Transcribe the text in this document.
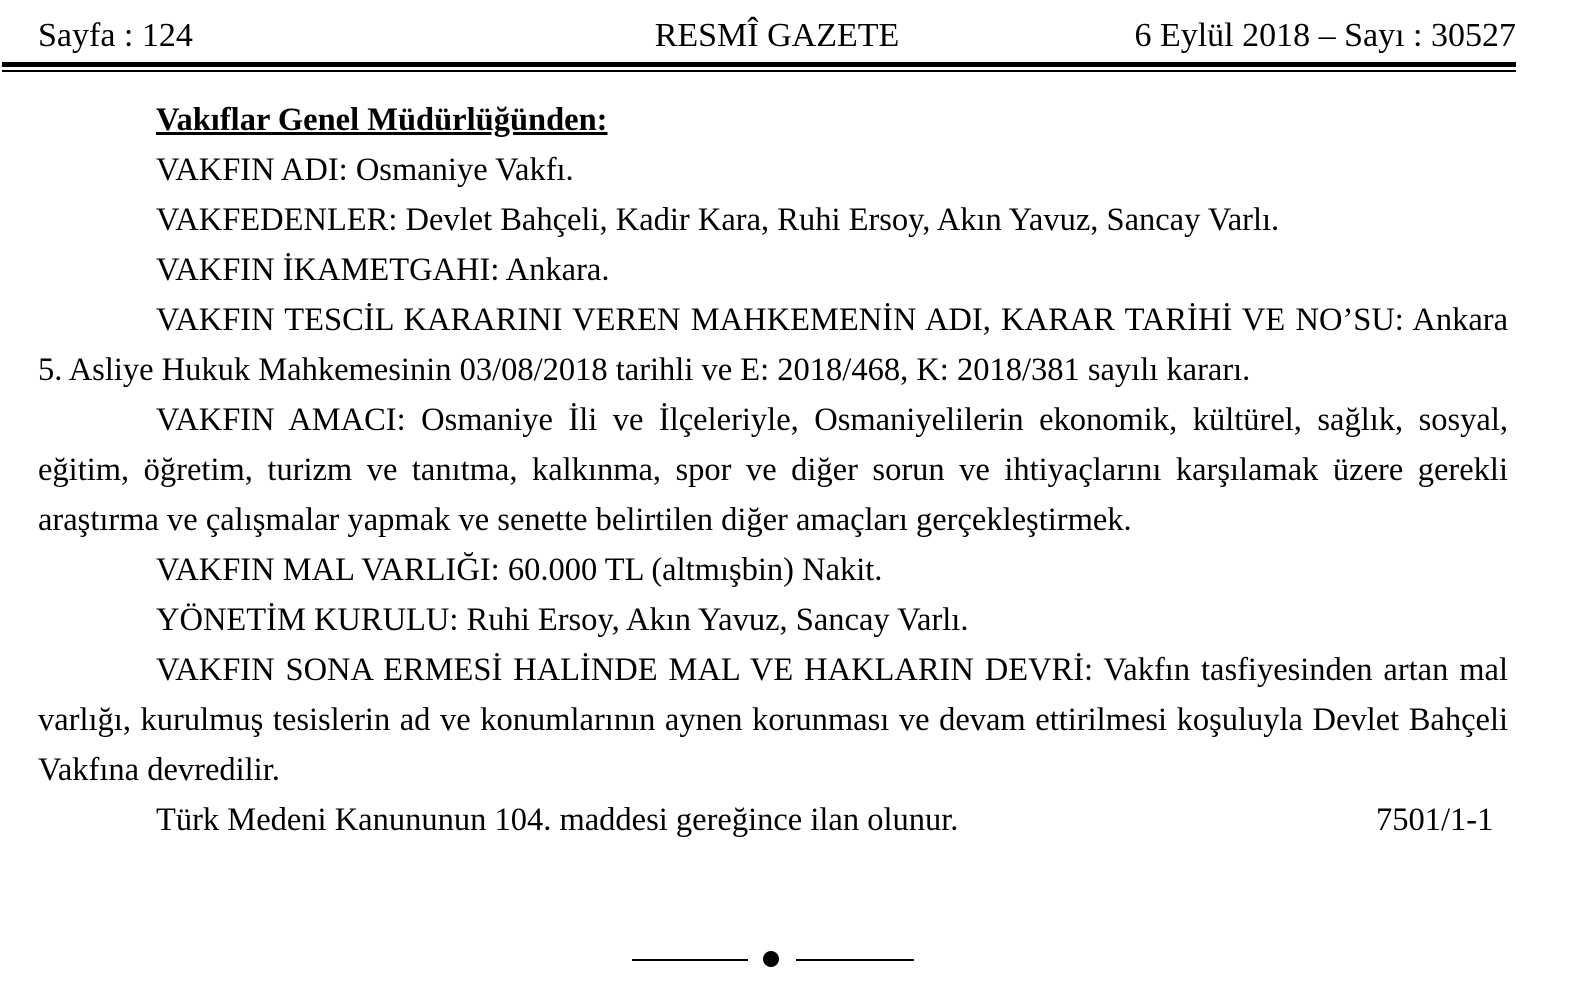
Sayfa : 124	RESMÎ GAZETE	6 Eylül 2018 – Sayı : 30527

Vakıflar Genel Müdürlüğünden:

VAKFIN ADI: Osmaniye Vakfı.

VAKFEDENLER: Devlet Bahçeli, Kadir Kara, Ruhi Ersoy, Akın Yavuz, Sancay Varlı.

VAKFIN İKAMETGAHI: Ankara.

VAKFIN TESCİL KARARINI VEREN MAHKEMENİN ADI, KARAR TARİHİ VE NO’SU: Ankara 5. Asliye Hukuk Mahkemesinin 03/08/2018 tarihli ve E: 2018/468, K: 2018/381 sayılı kararı.

VAKFIN AMACI: Osmaniye İli ve İlçeleriyle, Osmaniyelilerin ekonomik, kültürel, sağlık, sosyal, eğitim, öğretim, turizm ve tanıtma, kalkınma, spor ve diğer sorun ve ihtiyaçlarını karşılamak üzere gerekli araştırma ve çalışmalar yapmak ve senette belirtilen diğer amaçları gerçekleştirmek.

VAKFIN MAL VARLIĞI: 60.000 TL (altmışbin) Nakit.

YÖNETİM KURULU: Ruhi Ersoy, Akın Yavuz, Sancay Varlı.

VAKFIN SONA ERMESİ HALİNDE MAL VE HAKLARIN DEVRİ: Vakfın tasfiyesinden artan mal varlığı, kurulmuş tesislerin ad ve konumlarının aynen korunması ve devam ettirilmesi koşuluyla Devlet Bahçeli Vakfına devredilir.

Türk Medeni Kanununun 104. maddesi gereğince ilan olunur.	7501/1-1
